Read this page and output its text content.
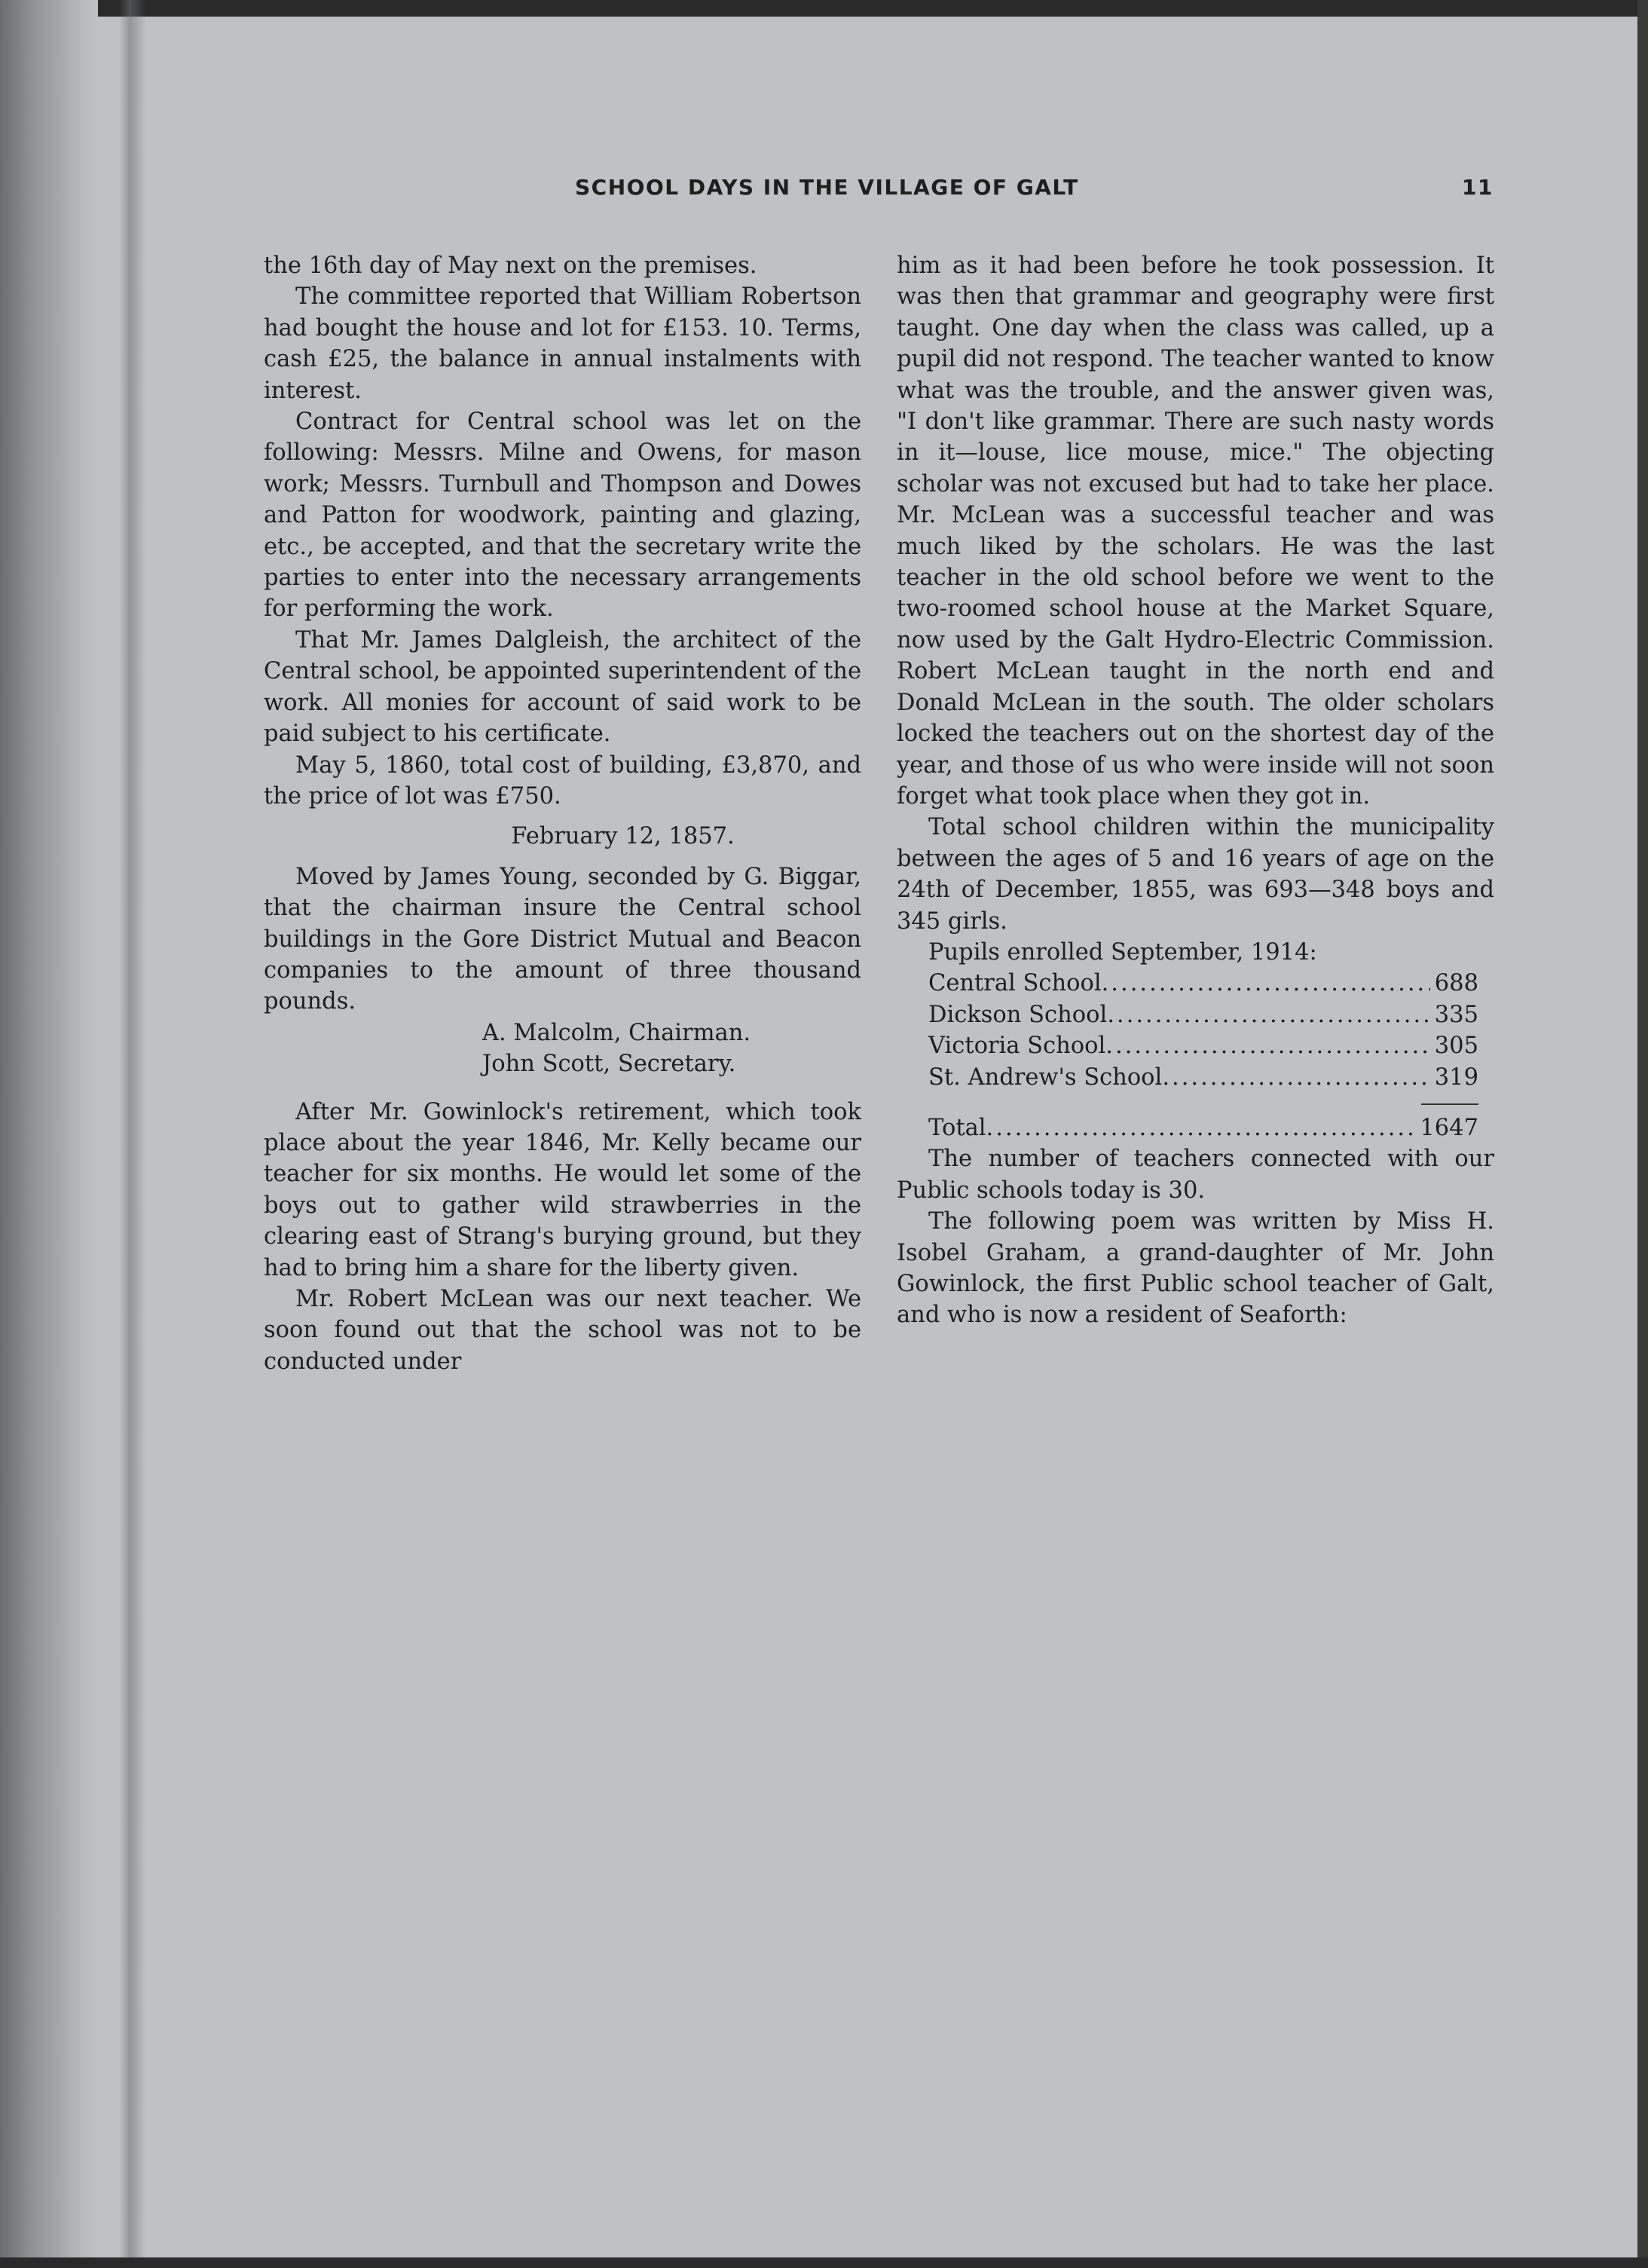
SCHOOL DAYS IN THE VILLAGE OF GALT	11

the 16th day of May next on the premises.

The committee reported that William Robertson had bought the house and lot for £153. 10. Terms, cash £25, the balance in annual instalments with interest.

Contract for Central school was let on the following: Messrs. Milne and Owens, for mason work; Messrs. Turnbull and Thompson and Dowes and Patton for woodwork, painting and glazing, etc., be accepted, and that the secretary write the parties to enter into the necessary arrangements for performing the work.

That Mr. James Dalgleish, the architect of the Central school, be appointed superintendent of the work. All monies for account of said work to be paid subject to his certificate.

May 5, 1860, total cost of building, £3,870, and the price of lot was £750.

February 12, 1857.

Moved by James Young, seconded by G. Biggar, that the chairman insure the Central school buildings in the Gore District Mutual and Beacon companies to the amount of three thousand pounds.

A. Malcolm, Chairman.

John Scott, Secretary.

After Mr. Gowinlock's retirement, which took place about the year 1846, Mr. Kelly became our teacher for six months. He would let some of the boys out to gather wild strawberries in the clearing east of Strang's burying ground, but they had to bring him a share for the liberty given.

Mr. Robert McLean was our next teacher. We soon found out that the school was not to be conducted under

him as it had been before he took possession. It was then that grammar and geography were first taught. One day when the class was called, up a pupil did not respond. The teacher wanted to know what was the trouble, and the answer given was, "I don't like grammar. There are such nasty words in it—louse, lice mouse, mice." The objecting scholar was not excused but had to take her place. Mr. McLean was a successful teacher and was much liked by the scholars. He was the last teacher in the old school before we went to the two-roomed school house at the Market Square, now used by the Galt Hydro-Electric Commission. Robert McLean taught in the north end and Donald McLean in the south. The older scholars locked the teachers out on the shortest day of the year, and those of us who were inside will not soon forget what took place when they got in.

Total school children within the municipality between the ages of 5 and 16 years of age on the 24th of December, 1855, was 693—348 boys and 345 girls.

Pupils enrolled September, 1914:

Central School .....	688
Dickson School .....	335
Victoria School .....	305
St. Andrew's School .....	319
Total .....	1647

The number of teachers connected with our Public schools today is 30.

The following poem was written by Miss H. Isobel Graham, a grand-daughter of Mr. John Gowinlock, the first Public school teacher of Galt, and who is now a resident of Seaforth:
